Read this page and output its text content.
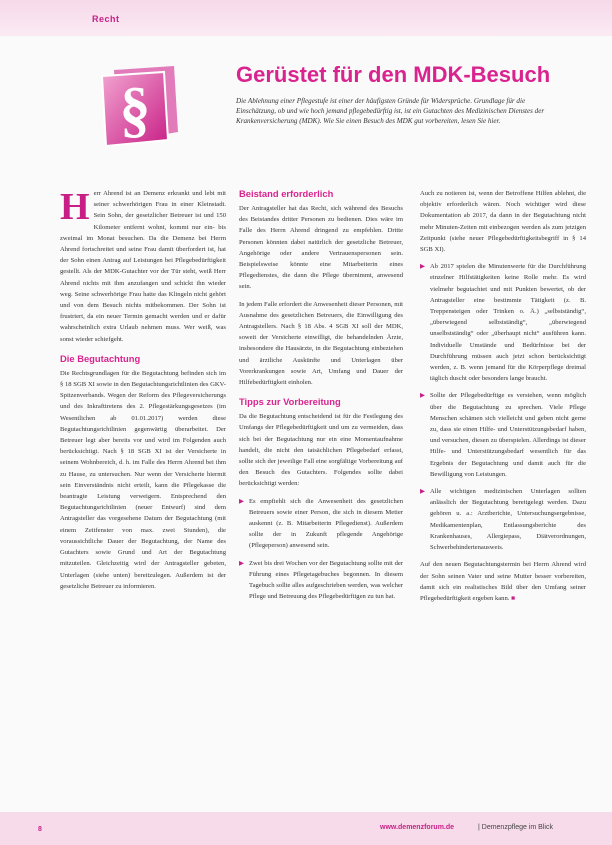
Recht
§
Gerüstet für den MDK-Besuch

Die Ablehnung einer Pflegestufe ist einer der häufigsten Gründe für Widersprüche. Grundlage für die Einschätzung, ob und wie hoch jemand pflegebedürftig ist, ist ein Gutachten des Medizinischen Dienstes der Krankenversicherung (MDK). Wie Sie einen Besuch des MDK gut vorbereiten, lesen Sie hier.

Herr Ahrend ist an Demenz erkrankt und lebt mit seiner schwerhörigen Frau in einer Kleinstadt. Sein Sohn, der gesetzlicher Betreuer ist und 150 Kilometer entfernt wohnt, kommt nur ein- bis zweimal im Monat besuchen. Da die Demenz bei Herrn Ahrend fortschreitet und seine Frau damit überfordert ist, hat der Sohn einen Antrag auf Leistungen bei Pflegebedürftigkeit gestellt. Als der MDK-Gutachter vor der Tür steht, weiß Herr Ahrend nichts mit ihm anzufangen und schickt ihn wieder weg. Seine schwerhörige Frau hatte das Klingeln nicht gehört und von dem Besuch nichts mitbekommen. Der Sohn ist frustriert, da ein neuer Termin gemacht werden und er dafür wahrscheinlich extra Urlaub nehmen muss. Wer weiß, was sonst wieder schiefgeht.

Die Begutachtung

Die Rechtsgrundlagen für die Begutachtung befinden sich im § 18 SGB XI sowie in den Begutachtungsrichtlinien des GKV-Spitzenverbands. Wegen der Reform des Pflegeversicherungs und des Inkrafttretens des 2. Pflegestärkungsgesetzes (im Wesentlichen ab 01.01.2017) werden diese Begutachtungsrichtlinien gegenwärtig überarbeitet. Der Betreuer legt aber bereits vor und wird im Folgenden auch berücksichtigt. Nach § 18 SGB XI ist der Versicherte in seinem Wohnbereich, d. h. im Falle des Herrn Ahrend bei ihm zu Hause, zu untersuchen. Nur wenn der Versicherte hiermit sein Einverständnis nicht erteilt, kann die Pflegekasse die beantragte Leistung verweigern. Entsprechend den Begutachtungsrichtlinien (neuer Entwurf) sind dem Antragsteller das vorgesehene Datum der Begutachtung (mit einem Zeitfenster von max. zwei Stunden), die voraussichtliche Dauer der Begutachtung, der Name des Gutachters sowie Grund und Art der Begutachtung mitzuteilen. Gleichzeitig wird der Antragsteller gebeten, Unterlagen (siehe unten) bereitzulegen. Außerdem ist der gesetzliche Betreuer zu informieren.

Beistand erforderlich

Der Antragsteller hat das Recht, sich während des Besuchs des Beistandes dritter Personen zu bedienen. Dies wäre im Falle des Herrn Ahrend dringend zu empfehlen. Dritte Personen könnten dabei natürlich der gesetzliche Betreuer, Angehörige oder andere Vertrauenspersonen sein. Beispielsweise könnte eine Mitarbeiterin eines Pflegedienstes, die dann die Pflege übernimmt, anwesend sein.

In jedem Falle erfordert die Anwesenheit dieser Personen, mit Ausnahme des gesetzlichen Betreuers, die Einwilligung des Antragstellers. Nach § 18 Abs. 4 SGB XI soll der MDK, soweit der Versicherte einwilligt, die behandelnden Ärzte, insbesondere die Hausärzte, in die Begutachtung einbeziehen und ärztliche Auskünfte und Unterlagen über Vorerkrankungen sowie Art, Umfang und Dauer der Hilfebedürftigkeit einholen.

Tipps zur Vorbereitung

Da die Begutachtung entscheidend ist für die Festlegung des Umfangs der Pflegebedürftigkeit und um zu vermeiden, dass sich bei der Begutachtung nur ein eine Momentaufnahme handelt, die nicht den tatsächlichen Pflegebedarf erfasst, sollte sich der jeweilige Fall eine sorgfältige Vorbereitung auf den Besuch des Gutachters. Folgendes sollte dabei berücksichtigt werden:

▶ Es empfiehlt sich die Anwesenheit des gesetzlichen Betreuers sowie einer Person, die sich in diesem Metier auskennt (z. B. Mitarbeiterin Pflegedienst). Außerdem sollte der in Zukunft pflegende Angehörige (Pflegeperson) anwesend sein.
▶ Zwei bis drei Wochen vor der Begutachtung sollte mit der Führung eines Pflegetagebuches begonnen. In diesem Tagebuch sollte alles aufgeschrieben werden, was welcher Pflege und Betreuung des Pflegebedürftigen zu tun hat.

Auch zu notieren ist, wenn der Betroffene Hilfen ablehnt, die objektiv erforderlich wären. Noch wichtiger wird diese Dokumentation ab 2017, da dann in der Begutachtung nicht mehr Minuten-Zeiten mit einbezogen werden als zum jetzigen Zeitpunkt (siehe neuer Pflegebedürftigkeitsbegriff in § 14 SGB XI).

▶ Ab 2017 spielen die Minutenwerte für die Durchführung einzelner Hilfstätigkeiten keine Rolle mehr. Es wird vielmehr begutachtet und mit Punkten bewertet, ob der Antragsteller eine bestimmte Tätigkeit (z. B. Treppensteigen oder Trinken o. Ä.) „selbstständig“, „überwiegend selbstständig“, „überwiegend unselbstständig“ oder „überhaupt nicht“ ausführen kann. Individuelle Umstände und Bedürfnisse bei der Durchführung müssen auch jetzt schon berücksichtigt werden, z. B. wenn jemand für die Körperpflege dreimal täglich duscht oder besonders lange braucht.
▶ Sollte der Pflegebedürftige es verstehen, wenn möglich über die Begutachtung zu sprechen. Viele Pflege Menschen schämen sich vielleicht und geben nicht gerne zu, dass sie einen Hilfe- und Unterstützungsbedarf haben, und versuchen, diesen zu überspielen. Allerdings ist dieser Hilfe- und Unterstützungsbedarf wesentlich für das Ergebnis der Begutachtung und damit auch für die Bewilligung von Leistungen.
▶ Alle wichtigen medizinischen Unterlagen sollten anlässlich der Begutachtung bereitgelegt werden. Dazu gehören u. a.: Arztberichte, Untersuchungsergebnisse, Medikamentenplan, Entlassungsberichte des Krankenhauses, Allergiepass, Diätverordnungen, Schwerbehindertenausweis.

Auf den neuen Begutachtungstermin bei Herrn Ahrend wird der Sohn seinen Vater und seine Mutter besser vorbereiten, damit sich ein realistisches Bild über den Umfang seiner Pflegebedürftigkeit ergeben kann. ■

8	www.demenzforum.de	| Demenzpflege im Blick
